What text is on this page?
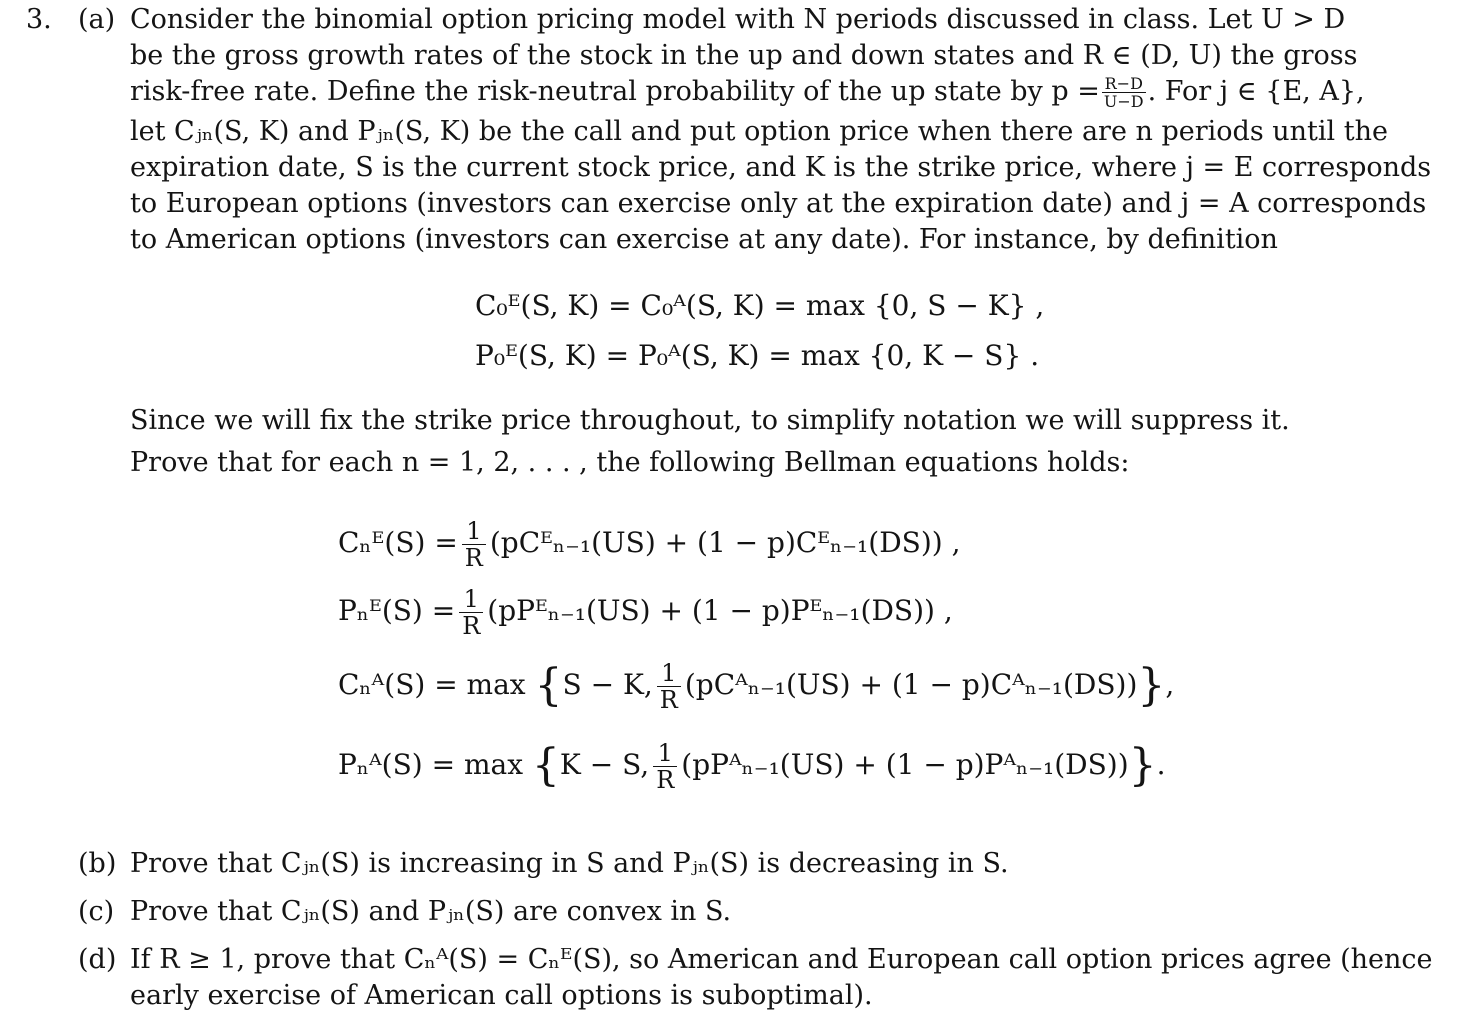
3. (a) Consider the binomial option pricing model with N periods discussed in class. Let U > D
be the gross growth rates of the stock in the up and down states and R ∈ (D, U) the gross
risk-free rate. Define the risk-neutral probability of the up state by $p = \frac{R-D}{U-D}$ . For j ∈ {E, A},
let Cⱼₙ(S, K) and Pⱼₙ(S, K) be the call and put option price when there are n periods until the
expiration date, S is the current stock price, and K is the strike price, where j = E corresponds
to European options (investors can exercise only at the expiration date) and j = A corresponds
to American options (investors can exercise at any date). For instance, by definition
C₀ᴱ(S, K) = C₀ᴬ(S, K) = max {0, S − K} ,
P₀ᴱ(S, K) = P₀ᴬ(S, K) = max {0, K − S} .
Since we will fix the strike price throughout, to simplify notation we will suppress it.
Prove that for each n = 1, 2, . . . , the following Bellman equations holds:
Cₙᴱ(S) = $\frac{1}{R}$ (pCᴱₙ₋₁(US) + (1 − p)Cᴱₙ₋₁(DS)) ,
Pₙᴱ(S) = $\frac{1}{R}$ (pPᴱₙ₋₁(US) + (1 − p)Pᴱₙ₋₁(DS)) ,
Cₙᴬ(S) = max {S − K, $\frac{1}{R}$ (pCᴬₙ₋₁(US) + (1 − p)Cᴬₙ₋₁(DS))},
Pₙᴬ(S) = max {K − S, $\frac{1}{R}$ (pPᴬₙ₋₁(US) + (1 − p)Pᴬₙ₋₁(DS))}.
(b) Prove that Cⱼₙ(S) is increasing in S and Pⱼₙ(S) is decreasing in S.
(c) Prove that Cⱼₙ(S) and Pⱼₙ(S) are convex in S.
(d) If R ≥ 1, prove that Cₙᴬ(S) = Cₙᴱ(S), so American and European call option prices agree (hence
early exercise of American call options is suboptimal).
